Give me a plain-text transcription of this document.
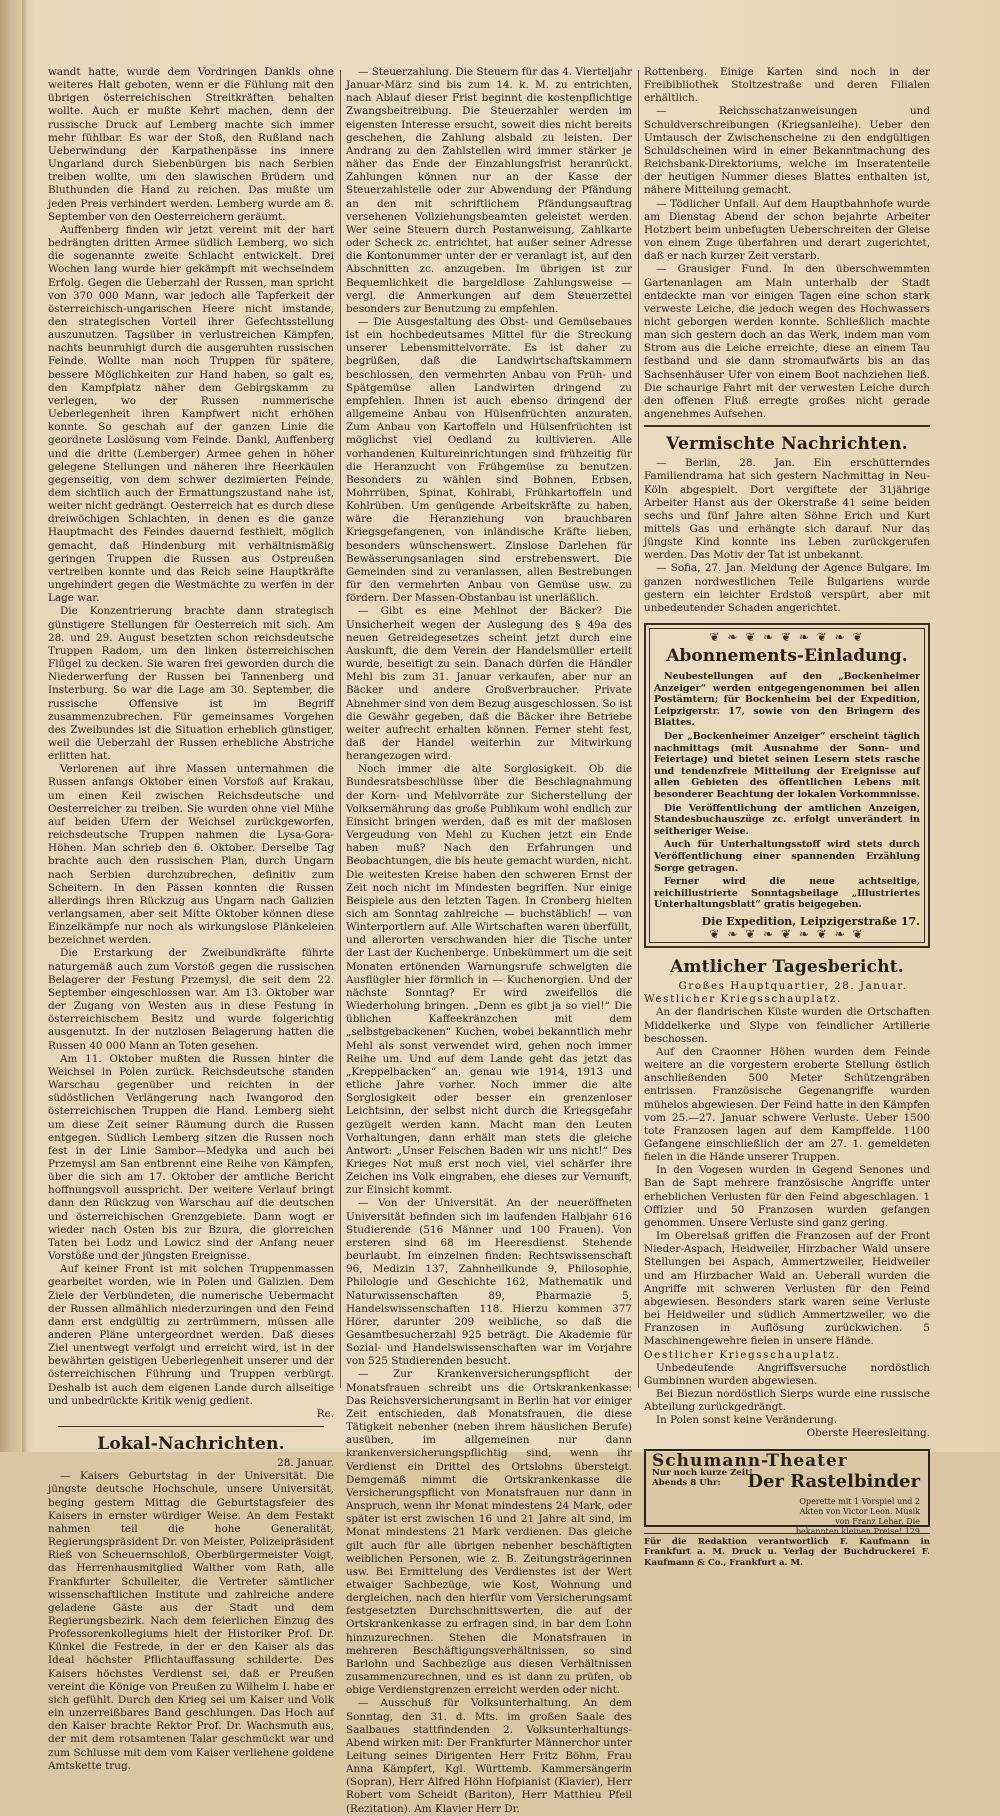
wandt hatte, wurde dem Vordringen Dankls ohne weiteres Halt geboten, wenn er die Fühlung mit den übrigen österreichischen Streitkräften behalten wollte. Auch er mußte Kehrt machen, denn der russische Druck auf Lemberg machte sich immer mehr fühlbar. Es war der Stoß, den Rußland nach Ueberwindung der Karpathenpässe ins innere Ungarland durch Siebenbürgen bis nach Serbien treiben wollte, um den slawischen Brüdern und Bluthunden die Hand zu reichen. Das mußte um jeden Preis verhindert werden. Lemberg wurde am 8. September von den Oesterreichern geräumt.

Auffenberg finden wir jetzt vereint mit der hart bedrängten dritten Armee südlich Lemberg, wo sich die sogenannte zweite Schlacht entwickelt. Drei Wochen lang wurde hier gekämpft mit wechselndem Erfolg. Gegen die Ueberzahl der Russen, man spricht von 370 000 Mann, war jedoch alle Tapferkeit der österreichisch-ungarischen Heere nicht imstande, den strategischen Vorteil ihrer Gefechtsstellung auszunutzen. Tagsüber in verlustreichen Kämpfen, nachts beunruhigt durch die ausgeruhten russischen Feinde. Wollte man noch Truppen für spätere, bessere Möglichkeiten zur Hand haben, so galt es, den Kampfplatz näher dem Gebirgskamm zu verlegen, wo der Russen nummerische Ueberlegenheit ihren Kampfwert nicht erhöhen konnte. So geschah auf der ganzen Linie die geordnete Loslösung vom Feinde. Dankl, Auffenberg und die dritte (Lemberger) Armee gehen in höher gelegene Stellungen und näheren ihre Heerkäulen gegenseitig, von dem schwer dezimierten Feinde, dem sichtlich auch der Ermattungszustand nahe ist, weiter nicht gedrängt. Oesterreich hat es durch diese dreiwöchigen Schlachten, in denen es die ganze Hauptmacht des Feindes dauernd festhielt, möglich gemacht, daß Hindenburg mit verhältnismäßig geringen Truppen die Russen aus Ostpreußen vertreiben konnte und das Reich seine Hauptkräfte ungehindert gegen die Westmächte zu werfen in der Lage war.

Die Konzentrierung brachte dann strategisch günstigere Stellungen für Oesterreich mit sich. Am 28. und 29. August besetzten schon reichsdeutsche Truppen Radom, um den linken österreichischen Flügel zu decken. Sie waren frei geworden durch die Niederwerfung der Russen bei Tannenberg und Insterburg. So war die Lage am 30. September, die russische Offensive ist im Begriff zusammenzubrechen. Für gemeinsames Vorgehen des Zweibundes ist die Situation erheblich günstiger, weil die Ueberzahl der Russen erhebliche Abstriche erlitten hat.

Verlorenen auf ihre Massen unternahmen die Russen anfangs Oktober einen Vorstoß auf Krakau, um einen Keil zwischen Reichsdeutsche und Oesterreicher zu treiben. Sie wurden ohne viel Mühe auf beiden Ufern der Weichsel zurückgeworfen, reichsdeutsche Truppen nahmen die Lysa-Gora-Höhen. Man schrieb den 6. Oktober. Derselbe Tag brachte auch den russischen Plan, durch Ungarn nach Serbien durchzubrechen, definitiv zum Scheitern. In den Pässen konnten die Russen allerdings ihren Rückzug aus Ungarn nach Galizien verlangsamen, aber seit Mitte Oktober können diese Einzelkämpfe nur noch als wirkungslose Plänkeleien bezeichnet werden.

Die Erstarkung der Zweibundkräfte führte naturgemäß auch zum Vorstoß gegen die russischen Belagerer der Festung Przemysl, die seit dem 22. September eingeschlossen war. Am 13. Oktober war der Zugang von Westen aus in diese Festung in österreichischem Besitz und wurde folgerichtig ausgenutzt. In der nutzlosen Belagerung hatten die Russen 40 000 Mann an Toten gesehen.

Am 11. Oktober mußten die Russen hinter die Weichsel in Polen zurück. Reichsdeutsche standen Warschau gegenüber und reichten in der südöstlichen Verlängerung nach Iwangorod den österreichischen Truppen die Hand. Lemberg sieht um diese Zeit seiner Räumung durch die Russen entgegen. Südlich Lemberg sitzen die Russen noch fest in der Linie Sambor—Medyka und auch bei Przemysl am San entbrennt eine Reihe von Kämpfen, über die sich am 17. Oktober der amtliche Bericht hoffnungsvoll ausspricht. Der weitere Verlauf bringt dann den Rückzug von Warschau auf die deutschen und österreichischen Grenzgebiete. Dann wogt er wieder nach Osten bis zur Bzura, die glorreichen Taten bei Lodz und Lowicz sind der Anfang neuer Vorstöße und der jüngsten Ereignisse.

Auf keiner Front ist mit solchen Truppenmassen gearbeitet worden, wie in Polen und Galizien. Dem Ziele der Verbündeten, die numerische Uebermacht der Russen allmählich niederzuringen und den Feind dann erst endgültig zu zertrümmern, müssen alle anderen Pläne untergeordnet werden. Daß dieses Ziel unentwegt verfolgt und erreicht wird, ist in der bewährten geistigen Ueberlegenheit unserer und der österreichischen Führung und Truppen verbürgt. Deshalb ist auch dem eigenen Lande durch allseitige und unbedrückte Kritik wenig gedient.

Re.

Lokal-Nachrichten.

28. Januar.

— Kaisers Geburtstag in der Universität. Die jüngste deutsche Hochschule, unsere Universität, beging gestern Mittag die Geburtstagsfeier des Kaisers in ernster würdiger Weise. An dem Festakt nahmen teil die hohe Generalität, Regierungspräsident Dr. von Meister, Polizeipräsident Rieß von Scheuernschloß, Oberbürgermeister Voigt, das Herrenhausmitglied Walther vom Rath, alle Frankfurter Schulleiter, die Vertreter sämtlicher wissenschaftlichen Institute und zahlreiche andere geladene Gäste aus der Stadt und dem Regierungsbezirk. Nach dem feierlichen Einzug des Professorenkollegiums hielt der Historiker Prof. Dr. Künkel die Festrede, in der er den Kaiser als das Ideal höchster Pflichtauffassung schilderte. Des Kaisers höchstes Verdienst sei, daß er Preußen vereint die Könige von Preußen zu Wilhelm I. habe er sich gefühlt. Durch den Krieg sei um Kaiser und Volk ein unzerreißbares Band geschlungen. Das Hoch auf den Kaiser brachte Rektor Prof. Dr. Wachsmuth aus, der mit dem rotsamtenen Talar geschmückt war und zum Schlusse mit dem vom Kaiser verliehene goldene Amtskette trug.

— Steuerzahlung. Die Steuern für das 4. Vierteljahr Januar-März sind bis zum 14. k. M. zu entrichten, nach Ablauf dieser Frist beginnt die kostenpflichtige Zwangsbeitreibung. Die Steuerzahler werden im eigensten Interesse ersucht, soweit dies nicht bereits geschehen, die Zahlung alsbald zu leisten. Der Andrang zu den Zahlstellen wird immer stärker je näher das Ende der Einzahlungsfrist heranrückt. Zahlungen können nur an der Kasse der Steuerzahlstelle oder zur Abwendung der Pfändung an den mit schriftlichem Pfändungsauftrag versehenen Vollziehungsbeamten geleistet werden. Wer seine Steuern durch Postanweisung, Zahlkarte oder Scheck zc. entrichtet, hat außer seiner Adresse die Kontonummer unter der er veranlagt ist, auf den Abschnitten zc. anzugeben. Im übrigen ist zur Bequemlichkeit die bargeldlose Zahlungsweise — vergl. die Anmerkungen auf dem Steuerzettel besonders zur Benutzung zu empfehlen.

— Die Ausgestaltung des Obst- und Gemüsebaues ist ein hochbedeutsames Mittel für die Streckung unserer Lebensmittelvorräte. Es ist daher zu begrüßen, daß die Landwirtschaftskammern beschlossen, den vermehrten Anbau von Früh- und Spätgemüse allen Landwirten dringend zu empfehlen. Ihnen ist auch ebenso dringend der allgemeine Anbau von Hülsenfrüchten anzuraten. Zum Anbau von Kartoffeln und Hülsenfrüchten ist möglichst viel Oedland zu kultivieren. Alle vorhandenen Kultureinrichtungen sind frühzeitig für die Heranzucht von Frühgemüse zu benutzen. Besonders zu wählen sind Bohnen, Erbsen, Mohrrüben, Spinat, Kohlrabi, Frühkartoffeln und Kohlrüben. Um genügende Arbeitskräfte zu haben, wäre die Heranziehung von brauchbaren Kriegsgefangenen, von inländische Kräfte lieben, besonders wünschenswert. Zinslose Darlehen für Bewässerungsanlagen sind erstrebenswert. Die Gemeinden sind zu veranlassen, allen Bestrebungen für den vermehrten Anbau von Gemüse usw. zu fördern. Der Massen-Obstanbau ist unerläßlich.

— Gibt es eine Mehlnot der Bäcker? Die Unsicherheit wegen der Auslegung des § 49a des neuen Getreidegesetzes scheint jetzt durch eine Auskunft, die dem Verein der Handelsmüller erteilt wurde, beseitigt zu sein. Danach dürfen die Händler Mehl bis zum 31. Januar verkaufen, aber nur an Bäcker und andere Großverbraucher. Private Abnehmer sind von dem Bezug ausgeschlossen. So ist die Gewähr gegeben, daß die Bäcker ihre Betriebe weiter aufrecht erhalten können. Ferner steht fest, daß der Handel weiterhin zur Mitwirkung herangezogen wird.

Noch immer die alte Sorglosigkeit. Ob die Bundesratsbeschlüsse über die Beschlagnahmung der Korn- und Mehlvorräte zur Sicherstellung der Volksernährung das große Publikum wohl endlich zur Einsicht bringen werden, daß es mit der maßlosen Vergeudung von Mehl zu Kuchen jetzt ein Ende haben muß? Nach den Erfahrungen und Beobachtungen, die bis heute gemacht wurden, nicht. Die weitesten Kreise haben den schweren Ernst der Zeit noch nicht im Mindesten begriffen. Nur einige Beispiele aus den letzten Tagen. In Cronberg hielten sich am Sonntag zahlreiche — buchstäblich! — von Winterportlern auf. Alle Wirtschaften waren überfüllt, und allerorten verschwanden hier die Tische unter der Last der Kuchenberge. Unbekümmert um die seit Monaten ertönenden Warnungsrufe schwelgten die Ausflügler hier förmlich in — Kuchenorgien. Und der nächste Sonntag? Er wird zweifellos die Wiederholung bringen. „Denn es gibt ja so viel!“ Die üblichen Kaffeekränzchen mit dem „selbstgebackenen“ Kuchen, wobei bekanntlich mehr Mehl als sonst verwendet wird, gehen noch immer Reihe um. Und auf dem Lande geht das jetzt das „Kreppelbacken“ an, genau wie 1914, 1913 und etliche Jahre vorher. Noch immer die alte Sorglosigkeit oder besser ein grenzenloser Leichtsinn, der selbst nicht durch die Kriegsgefahr gezügelt werden kann. Macht man den Leuten Vorhaltungen, dann erhält man stets die gleiche Antwort: „Unser Feischen Baden wir uns nicht!“ Des Krieges Not muß erst noch viel, viel schärfer ihre Zeichen ins Volk eingraben, ehe dieses zur Vernunft, zur Einsicht kommt.

— Von der Universität. An der neueröffneten Universität befinden sich im laufenden Halbjahr 616 Studierende (516 Männer und 100 Frauen). Von ersteren sind 68 im Heeresdienst. Stehende beurlaubt. Im einzelnen finden: Rechtswissenschaft 96, Medizin 137, Zahnheilkunde 9, Philosophie, Philologie und Geschichte 162, Mathematik und Naturwissenschaften 89, Pharmazie 5, Handelswissenschaften 118. Hierzu kommen 377 Hörer, darunter 209 weibliche, so daß die Gesamtbesucherzahl 925 beträgt. Die Akademie für Sozial- und Handelswissenschaften war im Vorjahre von 525 Studierenden besucht.

— Zur Krankenversicherungspflicht der Monatsfrauen schreibt uns die Ortskrankenkasse: Das Reichsversicherungsamt in Berlin hat vor einiger Zeit entschieden, daß Monatsfrauen, die diese Tätigkeit nebenher (neben ihrem häuslichen Berufe) ausüben, im allgemeinen nur dann krankenversicherungspflichtig sind, wenn ihr Verdienst ein Drittel des Ortslohns übersteigt. Demgemäß nimmt die Ortskrankenkasse die Versicherungspflicht von Monatsfrauen nur dann in Anspruch, wenn ihr Monat mindestens 24 Mark, oder später ist erst zwischen 16 und 21 Jahre alt sind, im Monat mindestens 21 Mark verdienen. Das gleiche gilt auch für alle übrigen nebenher beschäftigten weiblichen Personen, wie z. B. Zeitungsträgerinnen usw. Bei Ermittelung des Verdienstes ist der Wert etwaiger Sachbezüge, wie Kost, Wohnung und dergleichen, nach den hierfür vom Versicherungsamt festgesetzten Durchschnittswerten, die auf der Ortskrankenkasse zu erfragen sind, in bar dem Lohn hinzuzurechnen. Stehen die Monatsfrauen in mehreren Beschäftigungsverhältnissen, so sind Barlohn und Sachbezüge aus diesen Verhältnissen zusammenzurechnen, und es ist dann zu prüfen, ob obige Verdienstgrenzen erreicht werden oder nicht.

— Ausschuß für Volksunterhaltung. An dem Sonntag, den 31. d. Mts. im großen Saale des Saalbaues stattfindenden 2. Volksunterhaltungs-Abend wirken mit: Der Frankfurter Männerchor unter Leitung seines Dirigenten Herr Fritz Böhm, Frau Anna Kämpfert, Kgl. Württemb. Kammersängerin (Sopran), Herr Alfred Höhn Hofpianist (Klavier), Herr Robert vom Scheidt (Bariton), Herr Matthieu Pfeil (Rezitation). Am Klavier Herr Dr.

Rottenberg. Einige Karten sind noch in der Freibibliothek Stoltzestraße und deren Filialen erhältlich.

— Reichsschatzanweisungen und Schuldverschreibungen (Kriegsanleihe). Ueber den Umtausch der Zwischenscheine zu den endgültigen Schuldscheinen wird in einer Bekanntmachung des Reichsbank-Direktoriums, welche im Inseratenteile der heutigen Nummer dieses Blattes enthalten ist, nähere Mitteilung gemacht.

— Tödlicher Unfall. Auf dem Hauptbahnhofe wurde am Dienstag Abend der schon bejahrte Arbeiter Hotzbert beim unbefugten Ueberschreiten der Gleise von einem Zuge überfahren und derart zugerichtet, daß er nach kurzer Zeit verstarb.

— Grausiger Fund. In den überschwemmten Gartenanlagen am Main unterhalb der Stadt entdeckte man vor einigen Tagen eine schon stark verweste Leiche, die jedoch wegen des Hochwassers nicht geborgen werden konnte. Schließlich machte man sich gestern doch an das Werk, indem man vom Strom aus die Leiche erreichte, diese an einem Tau festband und sie dann stromaufwärts bis an das Sachsenhäuser Ufer von einem Boot nachziehen ließ. Die schaurige Fahrt mit der verwesten Leiche durch den offenen Fluß erregte großes nicht gerade angenehmes Aufsehen.

Vermischte Nachrichten.

— Berlin, 28. Jan. Ein erschütterndes Familiendrama hat sich gestern Nachmittag in Neu-Köln abgespielt. Dort vergiftete der 31jährige Arbeiter Hanst aus der Okerstraße 41 seine beiden sechs und fünf Jahre alten Söhne Erich und Kurt mittels Gas und erhängte sich darauf. Nur das jüngste Kind konnte ins Leben zurückgerufen werden. Das Motiv der Tat ist unbekannt.

— Sofia, 27. Jan. Meldung der Agence Bulgare. Im ganzen nordwestlichen Teile Bulgariens wurde gestern ein leichter Erdstoß verspürt, aber mit unbedeutender Schaden angerichtet.

❦ ❧ ❦ ❧ ❦ ❧ ❦ ❧ ❦
Abonnements-Einladung.

Neubestellungen auf den „Bockenheimer Anzeiger“ werden entgegengenommen bei allen Postämtern; für Bockenheim bei der Expedition, Leipzigerstr. 17, sowie von den Bringern des Blattes.

Der „Bockenheimer Anzeiger“ erscheint täglich nachmittags (mit Ausnahme der Sonn- und Feiertage) und bietet seinen Lesern stets rasche und tendenzfreie Mitteilung der Ereignisse auf allen Gebieten des öffentlichen Lebens mit besonderer Beachtung der lokalen Vorkommnisse.

Die Veröffentlichung der amtlichen Anzeigen, Standesbuchauszüge zc. erfolgt unverändert in seitheriger Weise.

Auch für Unterhaltungsstoff wird stets durch Veröffentlichung einer spannenden Erzählung Sorge getragen.

Ferner wird die neue achtseitige, reichillustrierte Sonntagsbeilage „Illustriertes Unterhaltungsblatt“ gratis beigegeben.

Die Expedition, Leipzigerstraße 17.
❦ ❧ ❦ ❧ ❦ ❧ ❦ ❧ ❦
Amtlicher Tagesbericht.

Großes Hauptquartier, 28. Januar.

Westlicher Kriegsschauplatz.

An der flandrischen Küste wurden die Ortschaften Middelkerke und Slype von feindlicher Artillerie beschossen.

Auf den Craonner Höhen wurden dem Feinde weitere an die vorgestern eroberte Stellung östlich anschließenden 500 Meter Schützengräben entrissen. Französische Gegenangriffe wurden mühelos abgewiesen. Der Feind hatte in den Kämpfen vom 25.—27. Januar schwere Verluste. Ueber 1500 tote Franzosen lagen auf dem Kampffelde. 1100 Gefangene einschließlich der am 27. 1. gemeldeten fielen in die Hände unserer Truppen.

In den Vogesen wurden in Gegend Senones und Ban de Sapt mehrere französische Angriffe unter erheblichen Verlusten für den Feind abgeschlagen. 1 Offizier und 50 Franzosen wurden gefangen genommen. Unsere Verluste sind ganz gering.

Im Oberelsaß griffen die Franzosen auf der Front Nieder-Aspach, Heidweiler, Hirzbacher Wald unsere Stellungen bei Aspach, Ammertzweiler, Heidweiler und am Hirzbacher Wald an. Ueberall wurden die Angriffe mit schweren Verlusten für den Feind abgewiesen. Besonders stark waren seine Verluste bei Heidweiler und südlich Ammertzweiler, wo die Franzosen in Auflösung zurückwichen. 5 Maschinengewehre fielen in unsere Hände.

Oestlicher Kriegsschauplatz.

Unbedeutende Angriffsversuche nordöstlich Gumbinnen wurden abgewiesen.

Bei Biezun nordöstlich Sierps wurde eine russische Abteilung zurückgedrängt.

In Polen sonst keine Veränderung.

Oberste Heeresleitung.

Schumann-Theater
Nur noch kurze Zeit!
Abends 8 Uhr:	Der Rastelbinder
Operette mit 1 Vorspiel und 2 Akten von Victor Leon. Musik von Franz Lehar. Die bekannten kleinen Preise! 129
Für die Redaktion verantwortlich F. Kaufmann in Frankfurt a. M. Druck u. Verlag der Buchdruckerei F. Kaufmann & Co., Frankfurt a. M.
